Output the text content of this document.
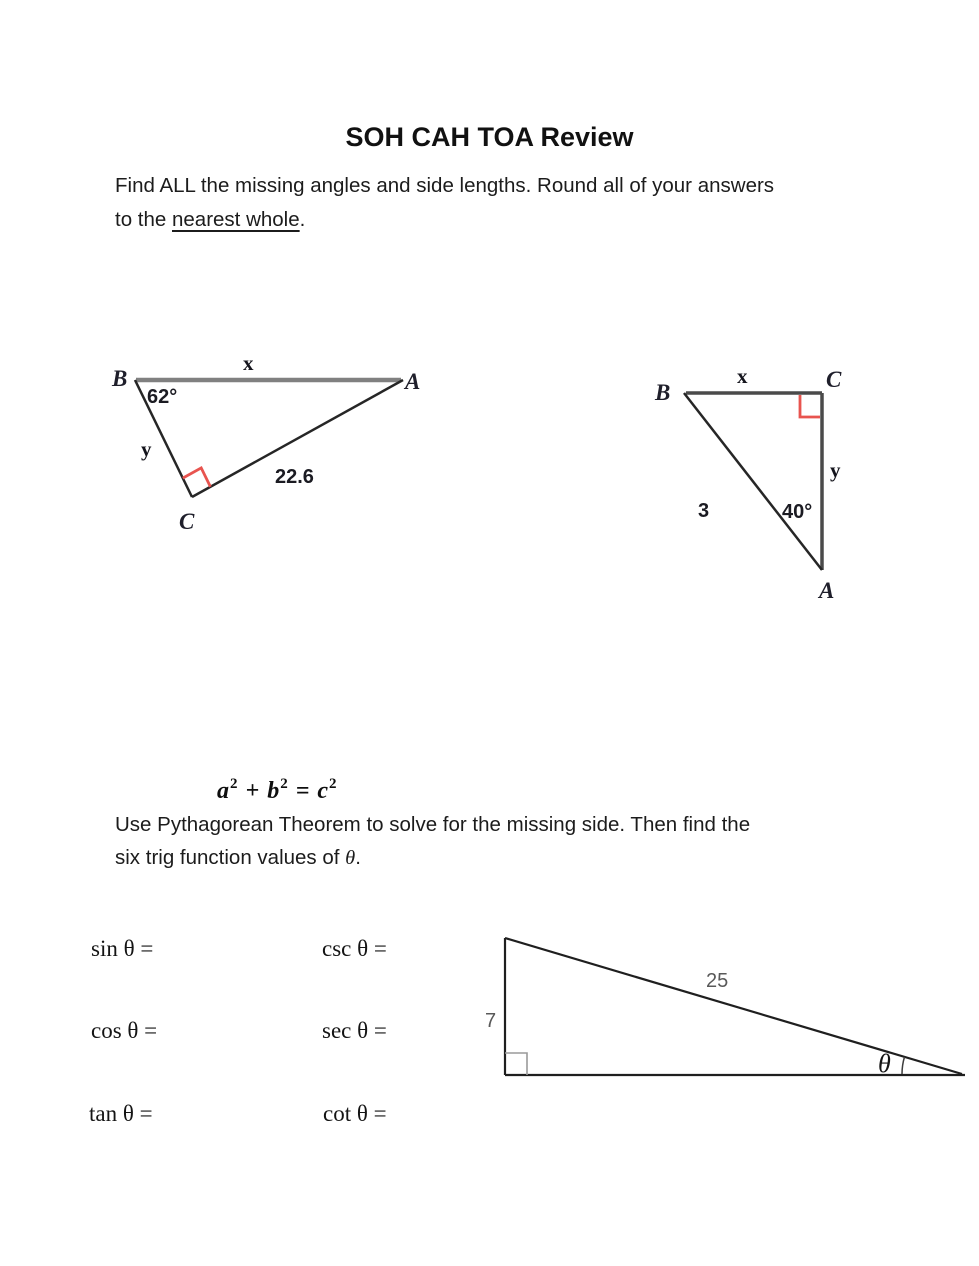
SOH CAH TOA Review
Find ALL the missing angles and side lengths. Round all of your answers
to the nearest whole.
B	A
C
x
62°
y
22.6
B
C
A
x
y
3	40°
$a^2 + b^2 = c^2$
Use Pythagorean Theorem to solve for the missing side. Then find the
six trig function values of θ.
sin θ =	csc θ =
cos θ =	sec θ =
tan θ =	cot θ =
7
25
θ
